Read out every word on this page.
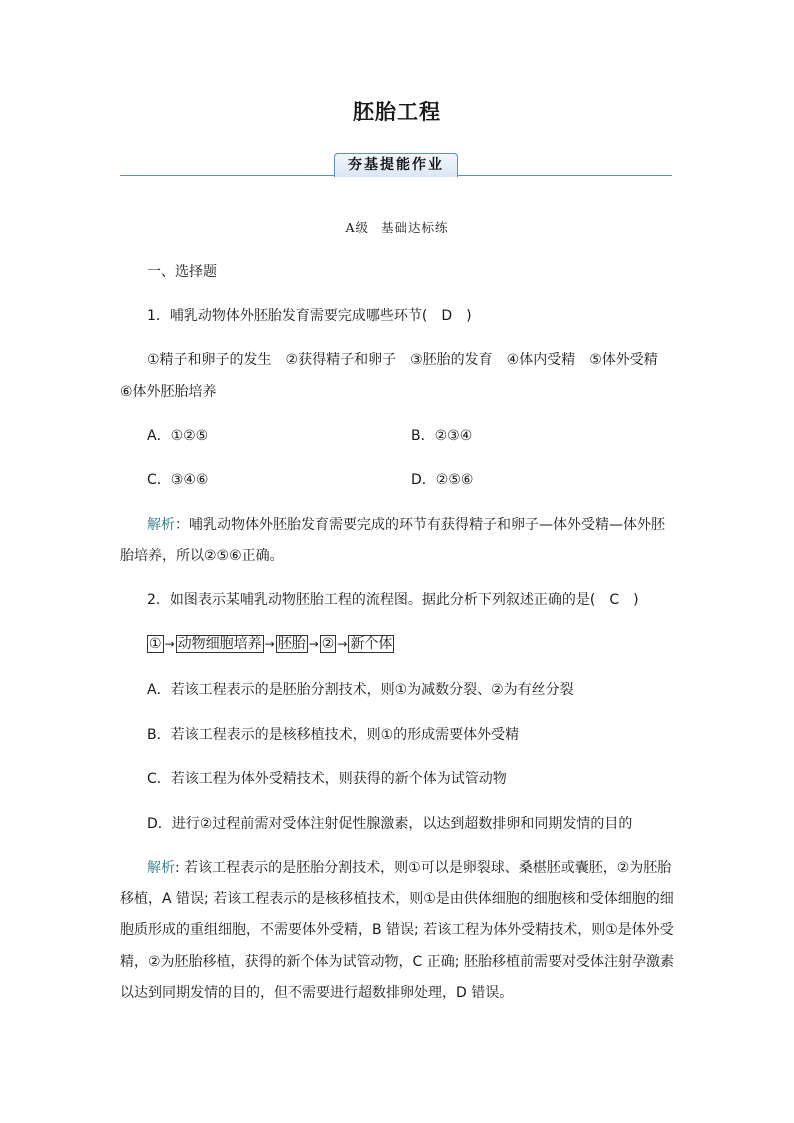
胚胎工程
夯基提能作业
A级 基础达标练
一、选择题
1．哺乳动物体外胚胎发育需要完成哪些环节(　D　)
①精子和卵子的发生　②获得精子和卵子　③胚胎的发育　④体内受精　⑤体外受精
⑥体外胚胎培养
A．①②⑤	B．②③④
C．③④⑥	D．②⑤⑥
解析：哺乳动物体外胚胎发育需要完成的环节有获得精子和卵子—体外受精—体外胚
胎培养，所以②⑤⑥正确。
2．如图表示某哺乳动物胚胎工程的流程图。据此分析下列叙述正确的是(　C　)
① → 动物细胞培养 → 胚胎 → ② → 新个体
A．若该工程表示的是胚胎分割技术，则①为减数分裂、②为有丝分裂
B．若该工程表示的是核移植技术，则①的形成需要体外受精
C．若该工程为体外受精技术，则获得的新个体为试管动物
D．进行②过程前需对受体注射促性腺激素，以达到超数排卵和同期发情的目的
解析: 若该工程表示的是胚胎分割技术，则①可以是卵裂球、桑椹胚或囊胚，②为胚胎
移植，A 错误; 若该工程表示的是核移植技术，则①是由供体细胞的细胞核和受体细胞的细
胞质形成的重组细胞，不需要体外受精，B 错误; 若该工程为体外受精技术，则①是体外受
精，②为胚胎移植，获得的新个体为试管动物，C 正确; 胚胎移植前需要对受体注射孕激素
以达到同期发情的目的，但不需要进行超数排卵处理，D 错误。
